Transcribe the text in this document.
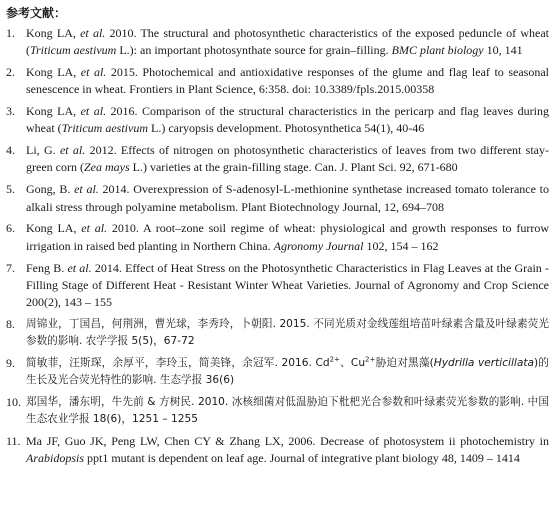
参考文献：
1. Kong LA, et al. 2010. The structural and photosynthetic characteristics of the exposed peduncle of wheat (Triticum aestivum L.): an important photosynthate source for grain–filling. BMC plant biology 10, 141
2. Kong LA, et al. 2015. Photochemical and antioxidative responses of the glume and flag leaf to seasonal senescence in wheat. Frontiers in Plant Science, 6:358. doi: 10.3389/fpls.2015.00358
3. Kong LA, et al. 2016. Comparison of the structural characteristics in the pericarp and flag leaves during wheat (Triticum aestivum L.) caryopsis development. Photosynthetica 54(1), 40-46
4. Li, G. et al. 2012. Effects of nitrogen on photosynthetic characteristics of leaves from two different stay-green corn (Zea mays L.) varieties at the grain-filling stage. Can. J. Plant Sci. 92, 671-680
5. Gong, B. et al. 2014. Overexpression of S-adenosyl-L-methionine synthetase increased tomato tolerance to alkali stress through polyamine metabolism. Plant Biotechnology Journal, 12, 694–708
6. Kong LA, et al. 2010. A root–zone soil regime of wheat: physiological and growth responses to furrow irrigation in raised bed planting in Northern China. Agronomy Journal 102, 154 – 162
7. Feng B. et al. 2014. Effect of Heat Stress on the Photosynthetic Characteristics in Flag Leaves at the Grain - Filling Stage of Different Heat - Resistant Winter Wheat Varieties. Journal of Agronomy and Crop Science 200(2), 143 – 155
8.	周锦业，丁国昌，何荆洲，曹光球，李秀玲，卜朝阳. 2015. 不同光质对金线莲组培苗叶绿素含量及叶绿素荧光参数的影响. 农学学报 5(5)，67-72
9.	简敏菲，汪斯琛，余厚平，李玲玉，简美锋，余冠军. 2016. $Cd^{2+}$、$Cu^{2+}$胁迫对黑藻(Hydrilla verticillata)的生长及光合荧光特性的影响. 生态学报 36(6)
10. 郑国华，潘东明，牛先前 & 方树民. 2010. 冰核细菌对低温胁迫下枇杷光合参数和叶绿素荧光参数的影响. 中国生态农业学报 18(6)，1251 – 1255
11. Ma JF, Guo JK, Peng LW, Chen CY & Zhang LX, 2006. Decrease of photosystem ii photochemistry in Arabidopsis ppt1 mutant is dependent on leaf age. Journal of integrative plant biology 48, 1409 – 1414
